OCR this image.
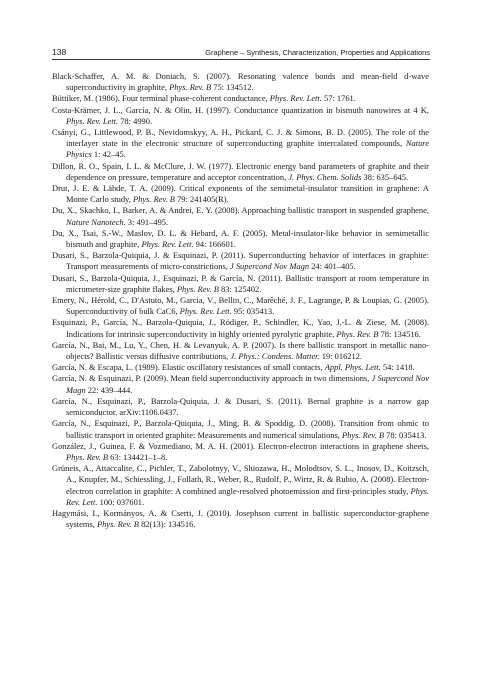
138	Graphene – Synthesis, Characterization, Properties and Applications
Black-Schaffer, A. M. & Doniach, S. (2007). Resonating valence bonds and mean-field d-wave superconductivity in graphite, Phys. Rev. B 75: 134512.
Büttiker, M. (1986). Four terminal phase-coherent conductance, Phys. Rev. Lett. 57: 1761.
Costa-Krämer, J. L., García, N. & Olin, H. (1997). Conductance quantization in bismuth nanowires at 4 K, Phys. Rev. Lett. 78: 4990.
Csányi, G., Littlewood, P. B., Nevidomskyy, A. H., Pickard, C. J. & Simons, B. D. (2005). The role of the interlayer state in the electronic structure of superconducting graphite intercalated compounds, Nature Physics 1: 42–45.
Dillon, R. O., Spain, I. L. & McClure, J. W. (1977). Electronic energy band parameters of graphite and their dependence on pressure, temperature and acceptor concentration, J. Phys. Chem. Solids 38: 635–645.
Drut, J. E. & Lähde, T. A. (2009). Critical exponents of the semimetal-insulator transition in graphene: A Monte Carlo study, Phys. Rev. B 79: 241405(R).
Du, X., Skachko, I., Barker, A. & Andrei, E. Y. (2008). Approaching ballistic transport in suspended graphene, Nature Nanotech. 3: 491–495.
Du, X., Tsai, S.-W., Maslov, D. L. & Hebard, A. F. (2005). Metal-insulator-like behavior in semimetallic bismuth and graphite, Phys. Rev. Lett. 94: 166601.
Dusari, S., Barzola-Quiquia, J. & Esquinazi, P. (2011). Superconducting behavior of interfaces in graphite: Transport measurements of micro-constrictions, J Supercond Nov Magn 24: 401–405.
Dusari, S., Barzola-Quiquia, J., Esquinazi, P. & García, N. (2011). Ballistic transport at room temperature in micrometer-size graphite flakes, Phys. Rev. B 83: 125402.
Emery, N., Hérold, C., D'Astuto, M., Garcia, V., Bellin, C., Marêché, J. F., Lagrange, P. & Loupias, G. (2005). Superconductivity of bulk CaC6, Phys. Rev. Lett. 95: 035413.
Esquinazi, P., García, N., Barzola-Quiquia, J., Rödiger, P., Schindler, K., Yao, J.-L. & Ziese, M. (2008). Indications for intrinsic superconductivity in highly oriented pyrolytic graphite, Phys. Rev. B 78: 134516.
García, N., Bai, M., Lu, Y., Chen, H. & Levanyuk, A. P. (2007). Is there ballistic transport in metallic nano-objects? Ballistic versus diffusive contributions, J. Phys.: Condens. Matter. 19: 016212.
García, N. & Escapa, L. (1989). Elastic oscillatory resistances of small contacts, Appl. Phys. Lett. 54: 1418.
García, N. & Esquinazi, P. (2009). Mean field superconductivity approach in two dimensions, J Supercond Nov Magn 22: 439–444.
García, N., Esquinazi, P., Barzola-Quiquia, J. & Dusari, S. (2011). Bernal graphite is a narrow gap semiconductor. arXiv:1106.0437.
García, N., Esquinazi, P., Barzola-Quiquia, J., Ming, B. & Spoddig, D. (2008). Transition from ohmic to ballistic transport in oriented graphite: Measurements and numerical simulations, Phys. Rev. B 78: 035413.
González, J., Guinea, F. & Vozmediano, M. A. H. (2001). Electron-electron interactions in graphene sheets, Phys. Rev. B 63: 134421–1–8.
Grüneis, A., Attaccalite, C., Pichler, T., Zabolotnyy, V., Shiozawa, H., Molodtsov, S. L., Inosov, D., Koitzsch, A., Knupfer, M., Schiessling, J., Follath, R., Weber, R., Rudolf, P., Wirtz, R. & Rubio, A. (2008). Electron-electron correlation in graphite: A combined angle-resolved photoemission and first-principles study, Phys. Rev. Lett. 100: 037601.
Hagymási, I., Kormányos, A. & Cserti, J. (2010). Josephson current in ballistic superconductor-graphene systems, Phys. Rev. B 82(13): 134516.
